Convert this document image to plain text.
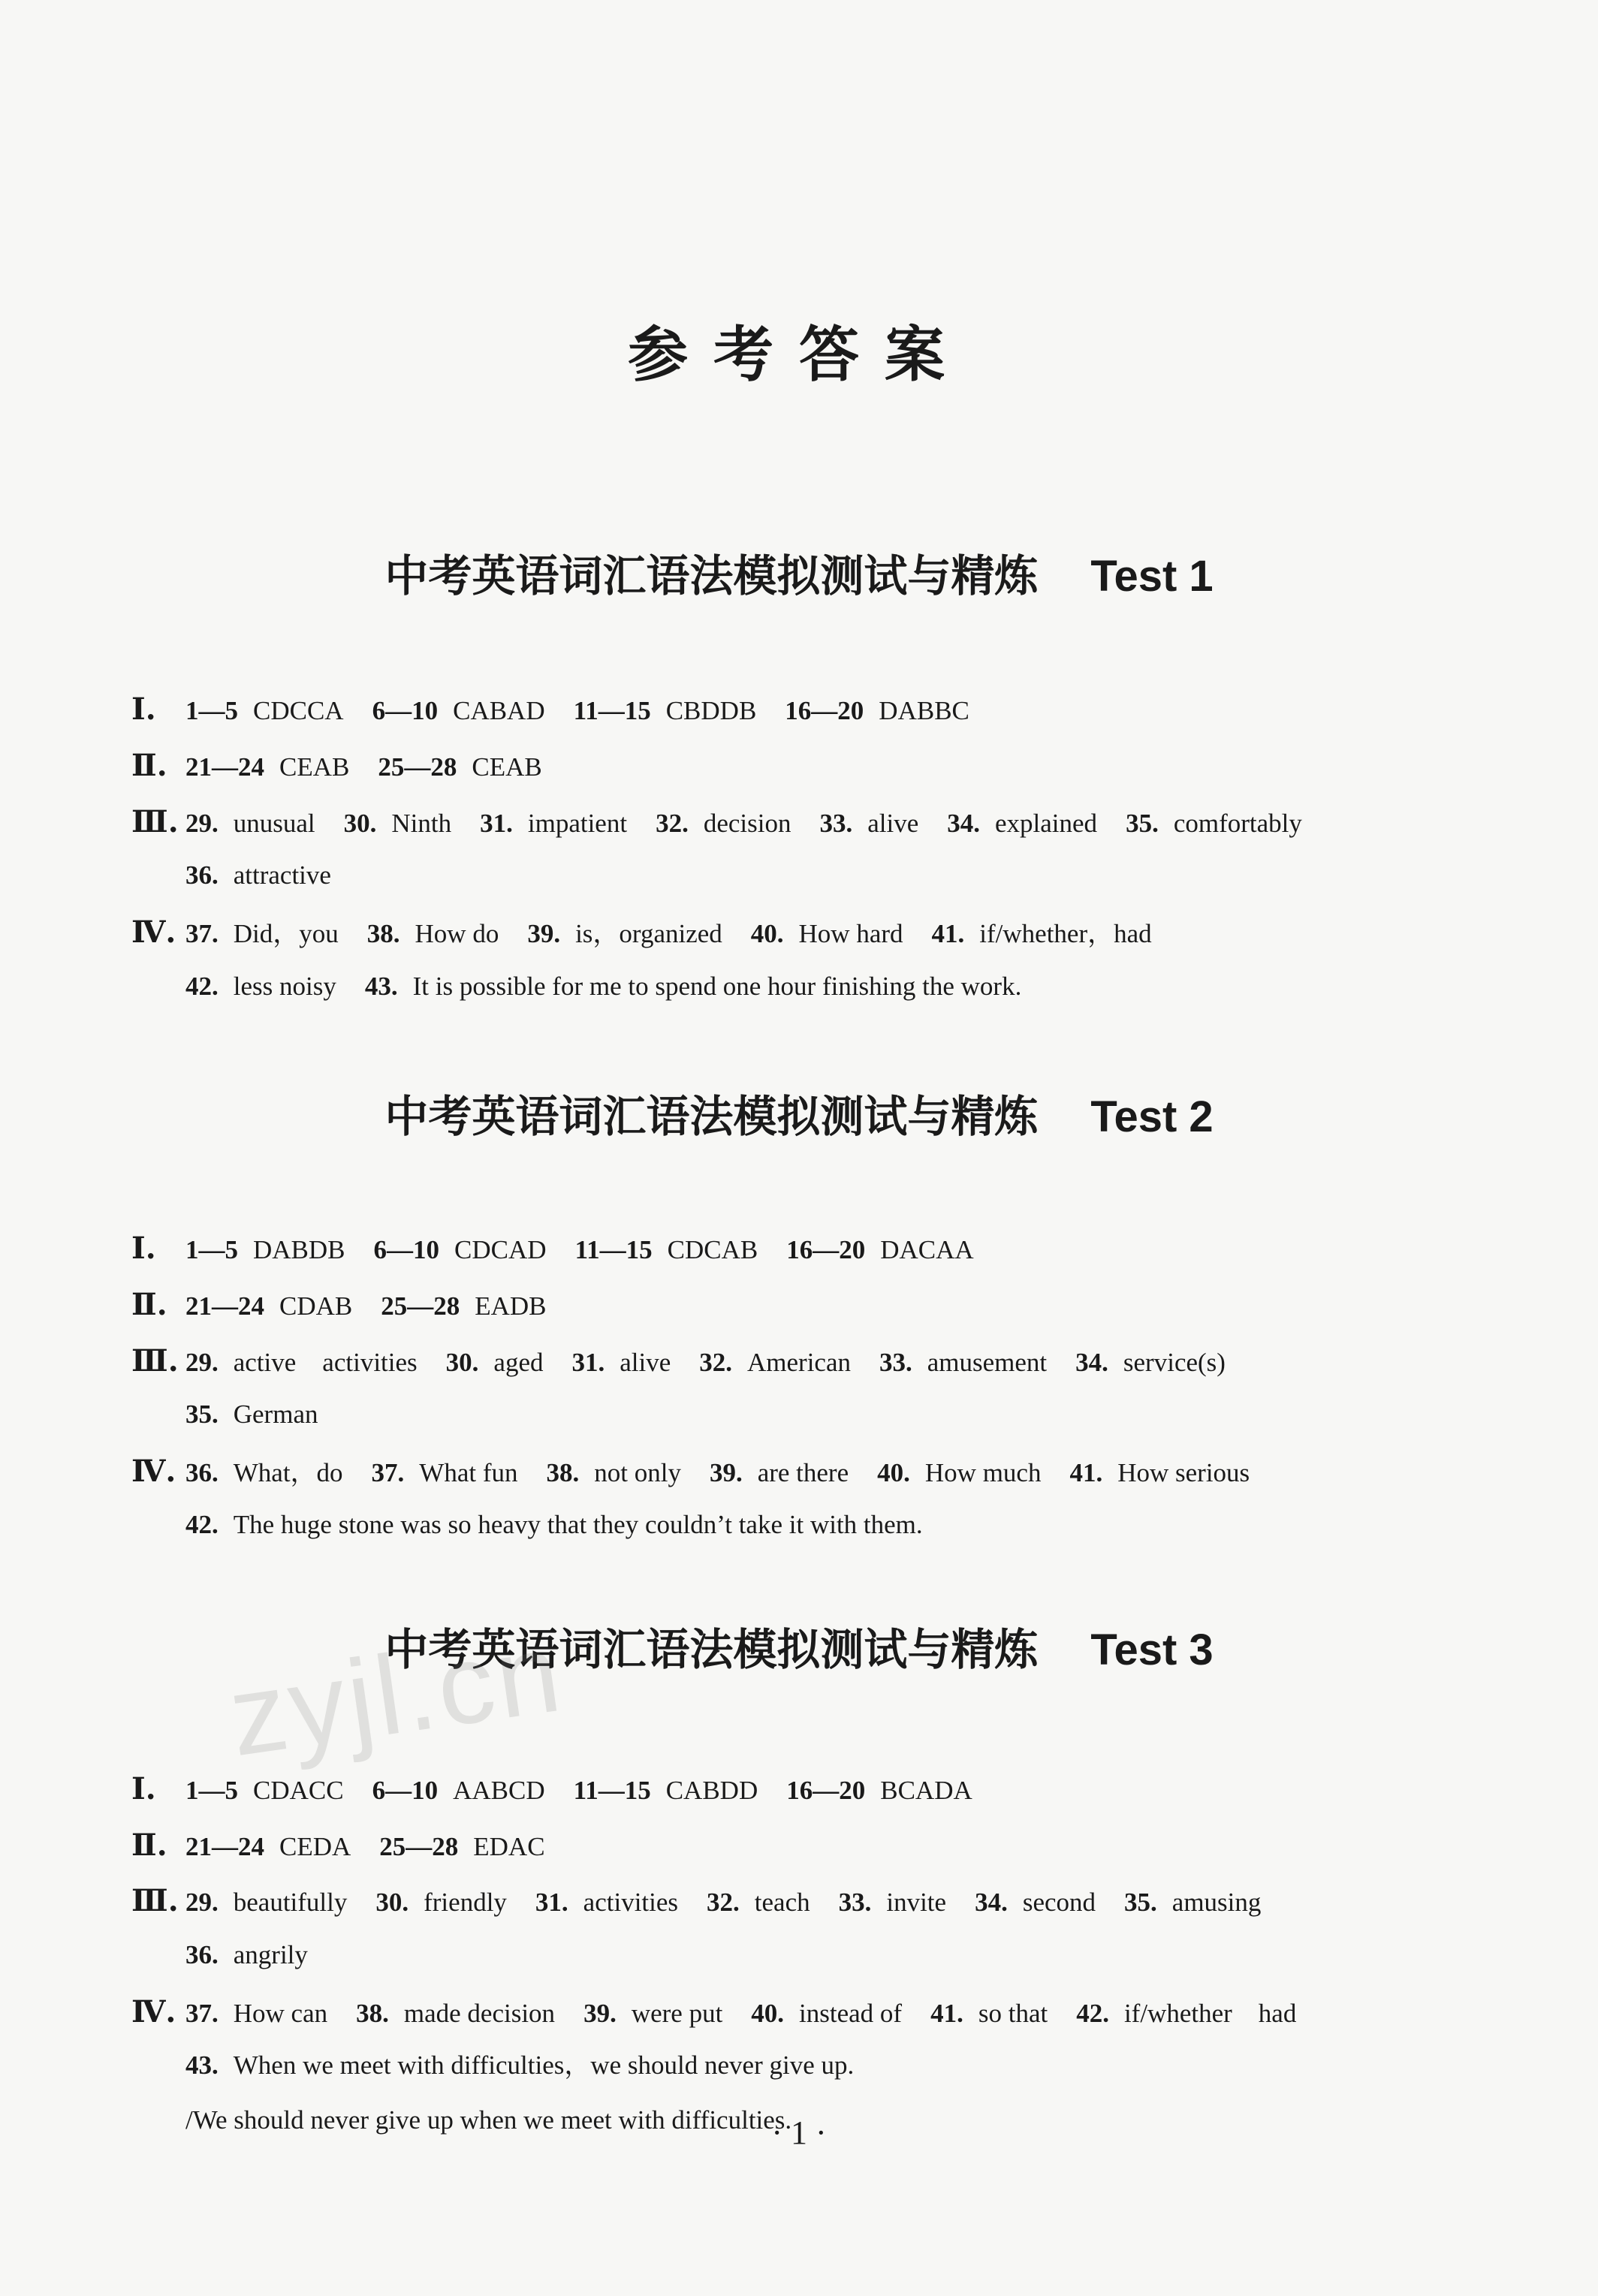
参考答案
中考英语词汇语法模拟测试与精炼 Test 1
Ⅰ. 1—5 CDCCA 6—10 CABAD 11—15 CBDDB 16—20 DABBC
Ⅱ. 21—24 CEAB 25—28 CEAB
Ⅲ. 29. unusual 30. Ninth 31. impatient 32. decision 33. alive 34. explained 35. comfortably
36. attractive
Ⅳ. 37. Did，you 38. How do 39. is，organized 40. How hard 41. if/whether，had
42. less noisy 43. It is possible for me to spend one hour finishing the work.
中考英语词汇语法模拟测试与精炼 Test 2
Ⅰ. 1—5 DABDB 6—10 CDCAD 11—15 CDCAB 16—20 DACAA
Ⅱ. 21—24 CDAB 25—28 EADB
Ⅲ. 29. active　activities 30. aged 31. alive 32. American 33. amusement 34. service(s)
35. German
Ⅳ. 36. What，do 37. What fun 38. not only 39. are there 40. How much 41. How serious
42. The huge stone was so heavy that they couldn’t take it with them.
中考英语词汇语法模拟测试与精炼 Test 3
Ⅰ. 1—5 CDACC 6—10 AABCD 11—15 CABDD 16—20 BCADA
Ⅱ. 21—24 CEDA 25—28 EDAC
Ⅲ. 29. beautifully 30. friendly 31. activities 32. teach 33. invite 34. second 35. amusing
36. angrily
Ⅳ. 37. How can 38. made decision 39. were put 40. instead of 41. so that 42. if/whether　had
43. When we meet with difficulties，we should never give up.
/We should never give up when we meet with difficulties.
zyjl.cn
· 1 ·
